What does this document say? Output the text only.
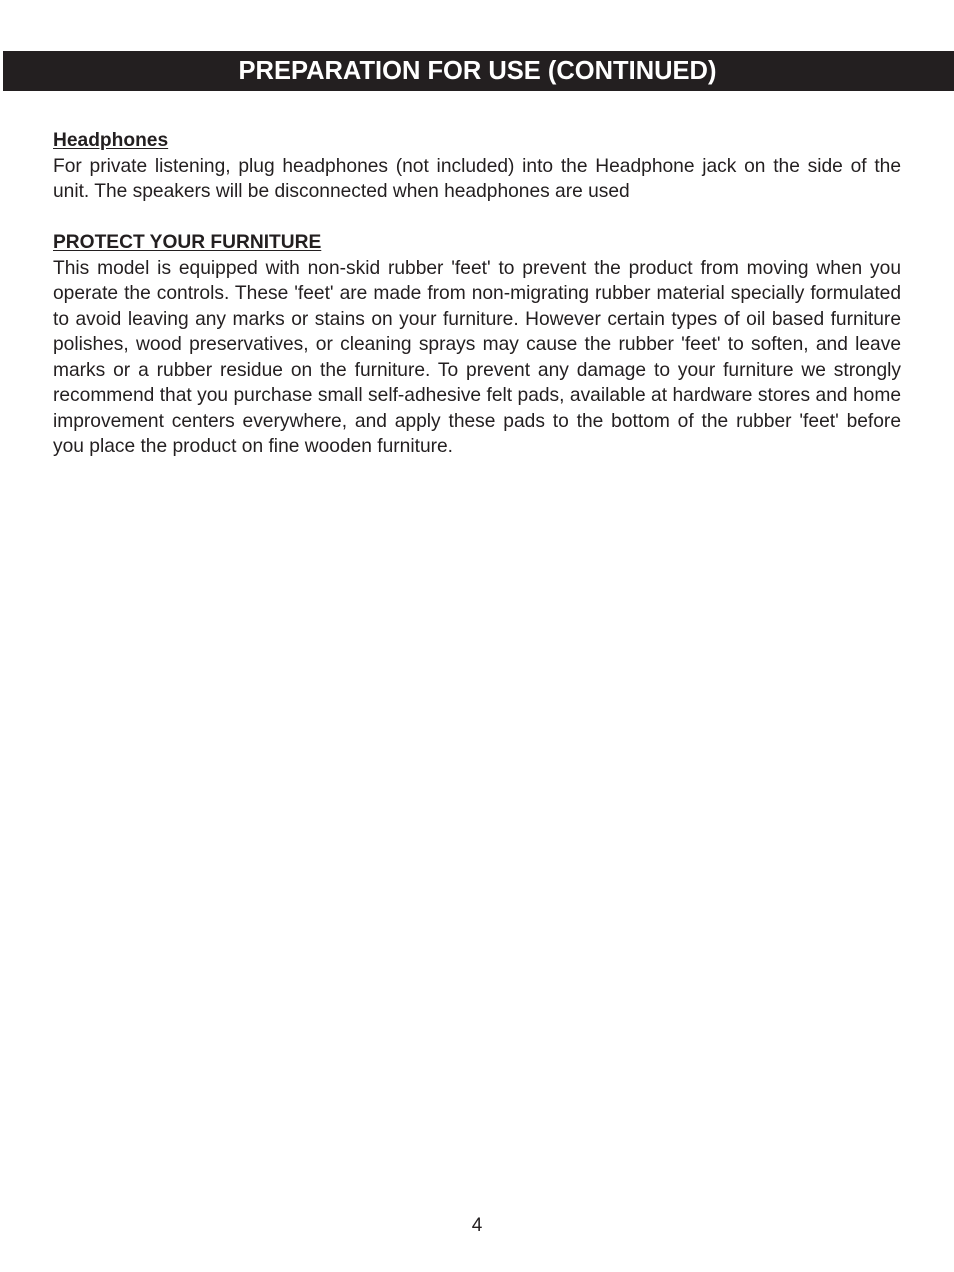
PREPARATION FOR USE (CONTINUED)

Headphones

For private listening, plug headphones (not included) into the Headphone jack on the side of the unit. The speakers will be disconnected when headphones are used

PROTECT YOUR FURNITURE

This model is equipped with non-skid rubber 'feet' to prevent the product from moving when you operate the controls. These 'feet' are made from non-migrating rubber material specially formulated to avoid leaving any marks or stains on your furniture. However certain types of oil based furniture polishes, wood preservatives, or cleaning sprays may cause the rubber 'feet' to soften, and leave marks or a rubber residue on the furniture. To prevent any damage to your furniture we strongly recommend that you purchase small self-adhesive felt pads, available at hardware stores and home improvement centers everywhere, and apply these pads to the bottom of the rubber 'feet' before you place the product on fine wooden furniture.

4
